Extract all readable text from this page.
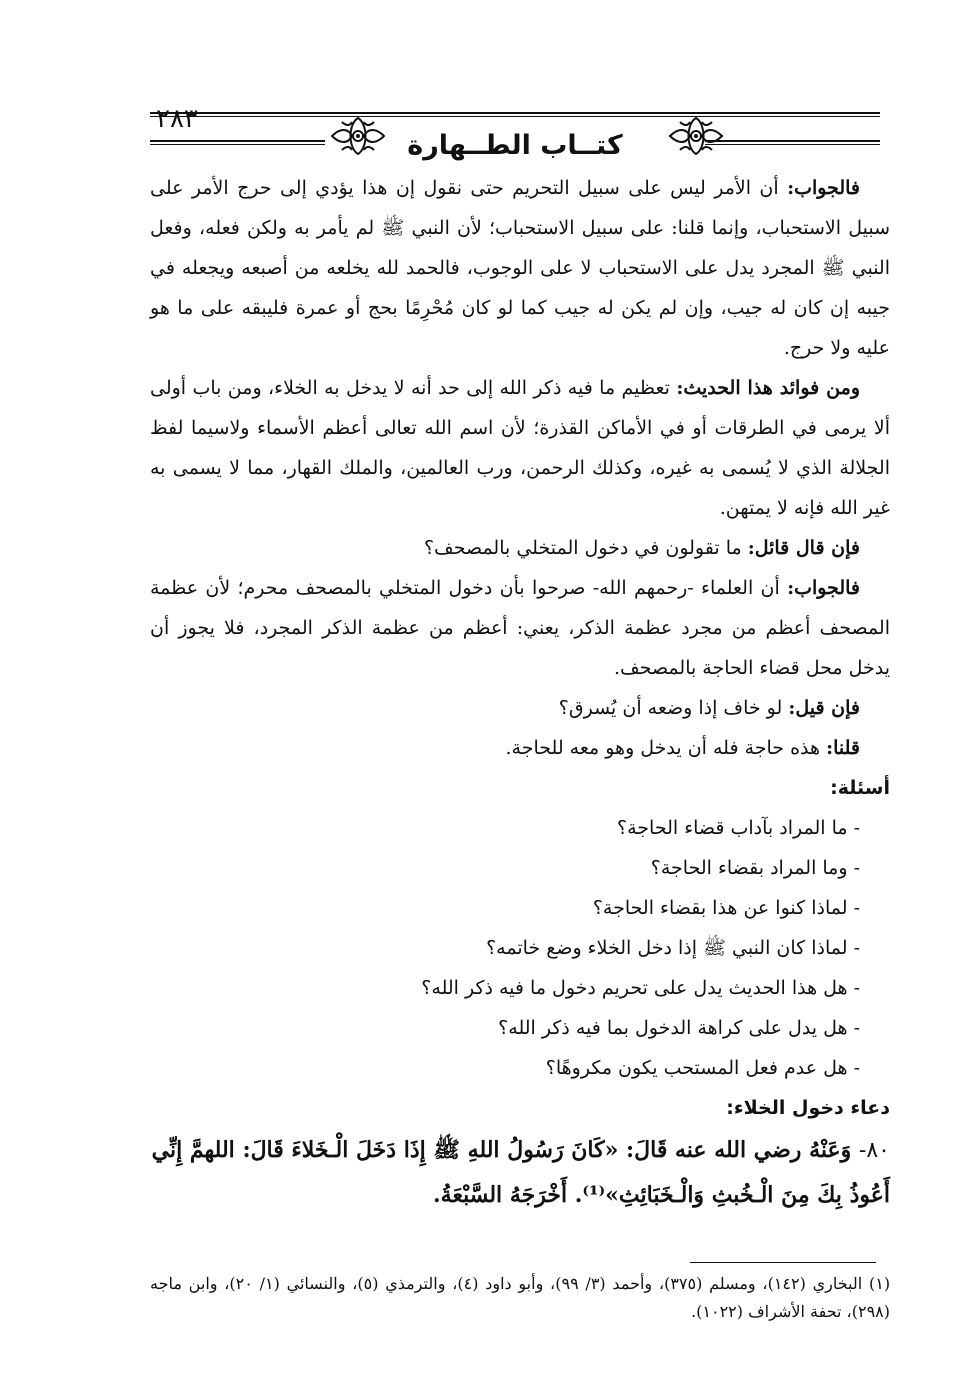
٢٨٣
كتــاب الطــهارة

فالجواب: أن الأمر ليس على سبيل التحريم حتى نقول إن هذا يؤدي إلى حرج الأمر على سبيل الاستحباب، وإنما قلنا: على سبيل الاستحباب؛ لأن النبي ﷺ لم يأمر به ولكن فعله، وفعل النبي ﷺ المجرد يدل على الاستحباب لا على الوجوب، فالحمد لله يخلعه من أصبعه ويجعله في جيبه إن كان له جيب، وإن لم يكن له جيب كما لو كان مُحْرِمًا بحج أو عمرة فليبقه على ما هو عليه ولا حرج.

ومن فوائد هذا الحديث: تعظيم ما فيه ذكر الله إلى حد أنه لا يدخل به الخلاء، ومن باب أولى ألا يرمى في الطرقات أو في الأماكن القذرة؛ لأن اسم الله تعالى أعظم الأسماء ولاسيما لفظ الجلالة الذي لا يُسمى به غيره، وكذلك الرحمن، ورب العالمين، والملك القهار، مما لا يسمى به غير الله فإنه لا يمتهن.

فإن قال قائل: ما تقولون في دخول المتخلي بالمصحف؟

فالجواب: أن العلماء -رحمهم الله- صرحوا بأن دخول المتخلي بالمصحف محرم؛ لأن عظمة المصحف أعظم من مجرد عظمة الذكر، يعني: أعظم من عظمة الذكر المجرد، فلا يجوز أن يدخل محل قضاء الحاجة بالمصحف.

فإن قيل: لو خاف إذا وضعه أن يُسرق؟

قلنا: هذه حاجة فله أن يدخل وهو معه للحاجة.

أسئلة:

- ما المراد بآداب قضاء الحاجة؟
- وما المراد بقضاء الحاجة؟
- لماذا كنوا عن هذا بقضاء الحاجة؟
- لماذا كان النبي ﷺ إذا دخل الخلاء وضع خاتمه؟
- هل هذا الحديث يدل على تحريم دخول ما فيه ذكر الله؟
- هل يدل على كراهة الدخول بما فيه ذكر الله؟
- هل عدم فعل المستحب يكون مكروهًا؟

دعاء دخول الخلاء:

٨٠- وَعَنْهُ رضي الله عنه قَالَ: «كَانَ رَسُولُ اللهِ ﷺ إِذَا دَخَلَ الْـخَلاءَ قَالَ: اللهمَّ إِنِّي أَعُوذُ بِكَ مِنَ الْـخُبثِ وَالْـخَبَائِثِ»⁽¹⁾. أَخْرَجَهُ السَّبْعَةُ.

(١) البخاري (١٤٢)، ومسلم (٣٧٥)، وأحمد (٣/ ٩٩)، وأبو داود (٤)، والترمذي (٥)، والنسائي (١/ ٢٠)، وابن ماجه (٢٩٨)، تحفة الأشراف (١٠٢٢).
